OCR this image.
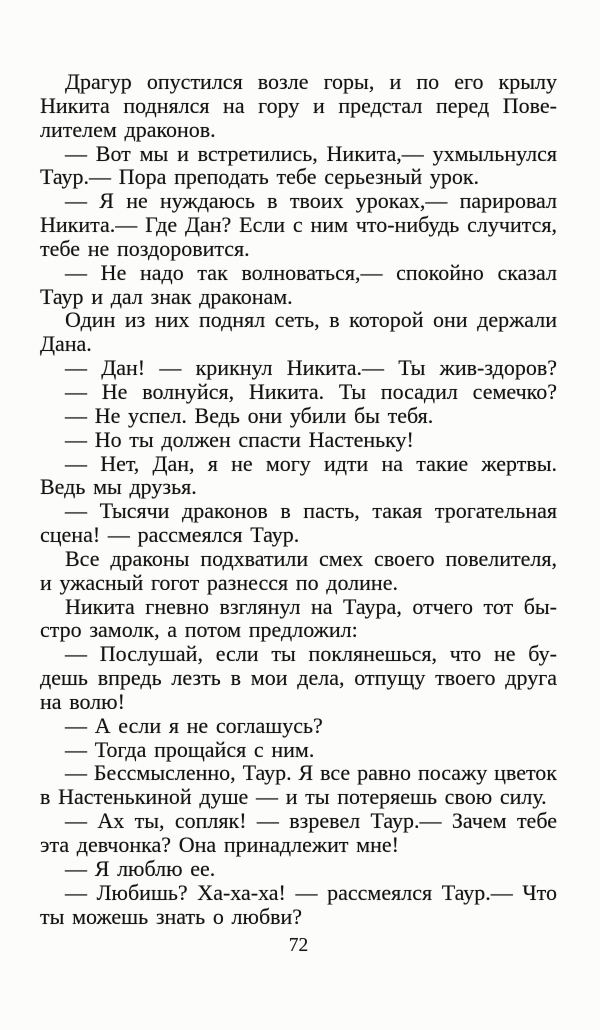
Драгур опустился возле горы, и по его крылу
Никита поднялся на гору и предстал перед Пове-
лителем драконов.
— Вот мы и встретились, Никита,— ухмыльнулся
Таур.— Пора преподать тебе серьезный урок.
— Я не нуждаюсь в твоих уроках,— парировал
Никита.— Где Дан? Если с ним что-нибудь случится,
тебе не поздоровится.
— Не надо так волноваться,— спокойно сказал
Таур и дал знак драконам.
Один из них поднял сеть, в которой они держали
Дана.
— Дан! — крикнул Никита.— Ты жив-здоров?
— Не волнуйся, Никита. Ты посадил семечко?
— Не успел. Ведь они убили бы тебя.
— Но ты должен спасти Настеньку!
— Нет, Дан, я не могу идти на такие жертвы.
Ведь мы друзья.
— Тысячи драконов в пасть, такая трогательная
сцена! — рассмеялся Таур.
Все драконы подхватили смех своего повелителя,
и ужасный гогот разнесся по долине.
Никита гневно взглянул на Таура, отчего тот бы-
стро замолк, а потом предложил:
— Послушай, если ты поклянешься, что не бу-
дешь впредь лезть в мои дела, отпущу твоего друга
на волю!
— А если я не соглашусь?
— Тогда прощайся с ним.
— Бессмысленно, Таур. Я все равно посажу цветок
в Настенькиной душе — и ты потеряешь свою силу.
— Ах ты, сопляк! — взревел Таур.— Зачем тебе
эта девчонка? Она принадлежит мне!
— Я люблю ее.
— Любишь? Ха-ха-ха! — рассмеялся Таур.— Что
ты можешь знать о любви?
72
